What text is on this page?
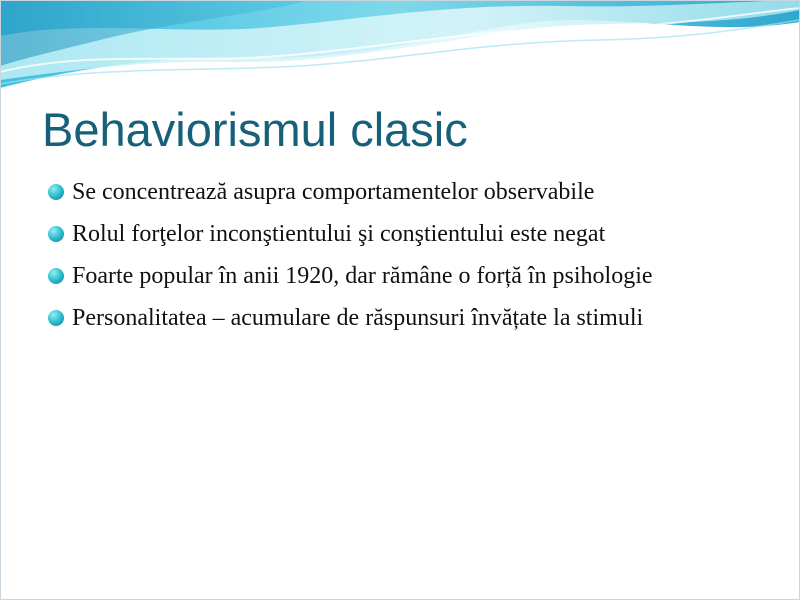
Behaviorismul clasic
Se concentrează asupra comportamentelor observabile
Rolul forţelor inconştientului şi conştientului este negat
Foarte popular în anii 1920, dar rămâne o forță în psihologie
Personalitatea – acumulare de răspunsuri învățate la stimuli
